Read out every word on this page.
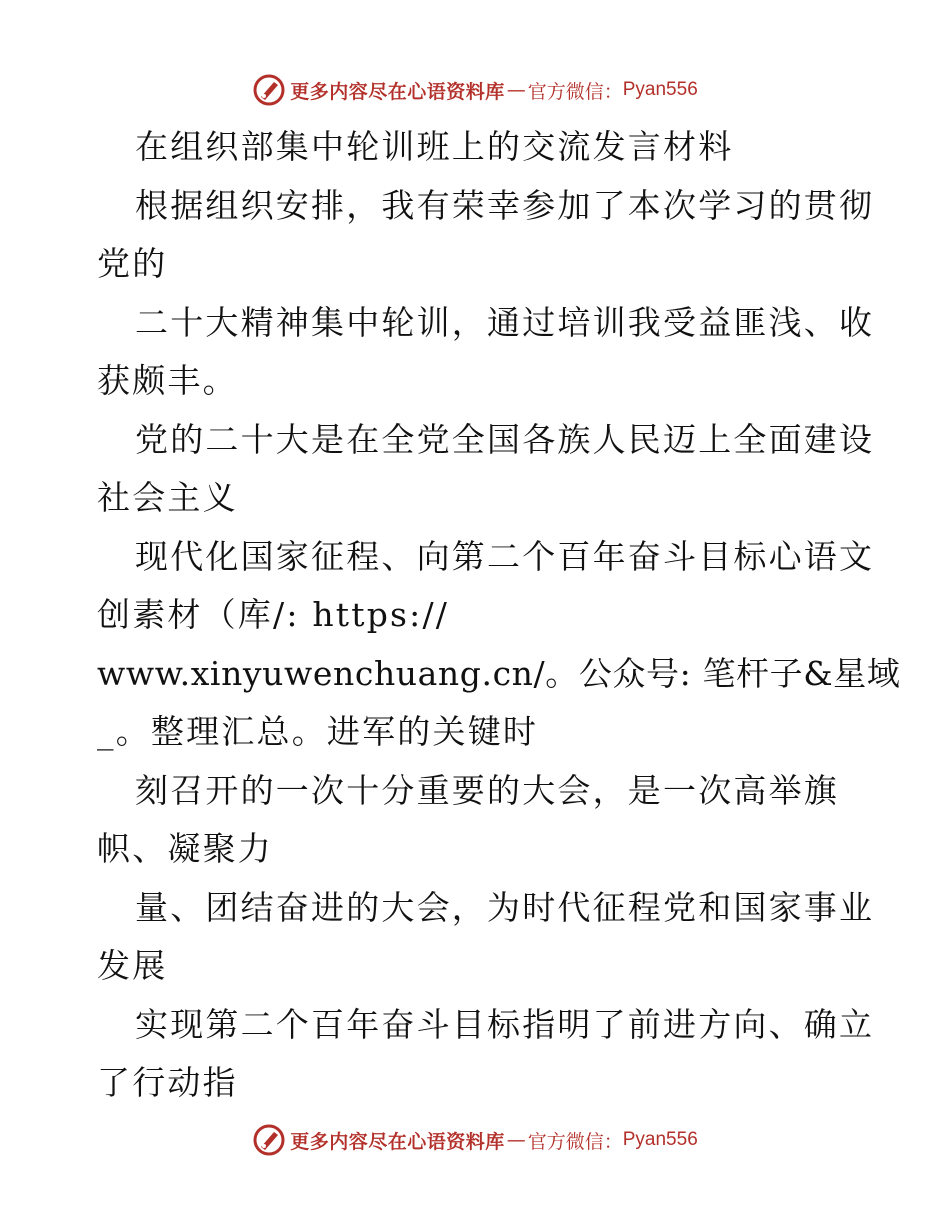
更多内容尽在心语资料库 — 官方微信： Pyan556
在组织部集中轮训班上的交流发言材料
根据组织安排，我有荣幸参加了本次学习的贯彻
党的
二十大精神集中轮训，通过培训我受益匪浅、收
获颇丰。
党的二十大是在全党全国各族人民迈上全面建设
社会主义
现代化国家征程、向第二个百年奋斗目标心语文
创素材（库/: https://
www.xinyuwenchuang.cn/。公众号: 笔杆子&星域
_。整理汇总。进军的关键时
刻召开的一次十分重要的大会，是一次高举旗
帜、凝聚力
量、团结奋进的大会，为时代征程党和国家事业
发展
实现第二个百年奋斗目标指明了前进方向、确立
了行动指
更多内容尽在心语资料库 — 官方微信： Pyan556
